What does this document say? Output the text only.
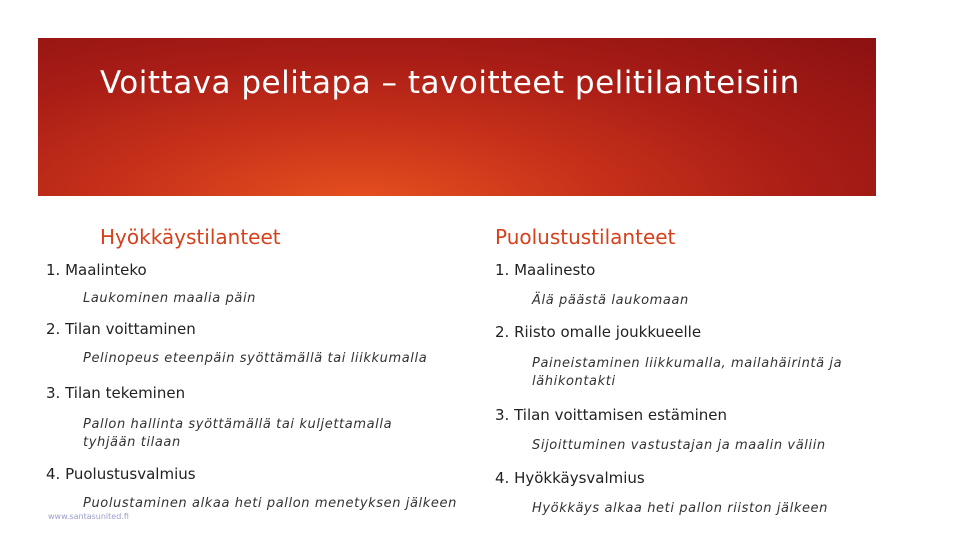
Voittava pelitapa – tavoitteet pelitilanteisiin
Hyökkäystilanteet

1. Maalinteko

Laukominen maalia päin

2. Tilan voittaminen

Pelinopeus eteenpäin syöttämällä tai liikkumalla

3. Tilan tekeminen

Pallon hallinta syöttämällä tai kuljettamalla tyhjään tilaan

4. Puolustusvalmius

Puolustaminen alkaa heti pallon menetyksen jälkeen

Puolustustilanteet

1. Maalinesto

Älä päästä laukomaan

2. Riisto omalle joukkueelle

Paineistaminen liikkumalla, mailahäirintä ja lähikontakti

3. Tilan voittamisen estäminen

Sijoittuminen vastustajan ja maalin väliin

4. Hyökkäysvalmius

Hyökkäys alkaa heti pallon riiston jälkeen

www.santasunited.fi
